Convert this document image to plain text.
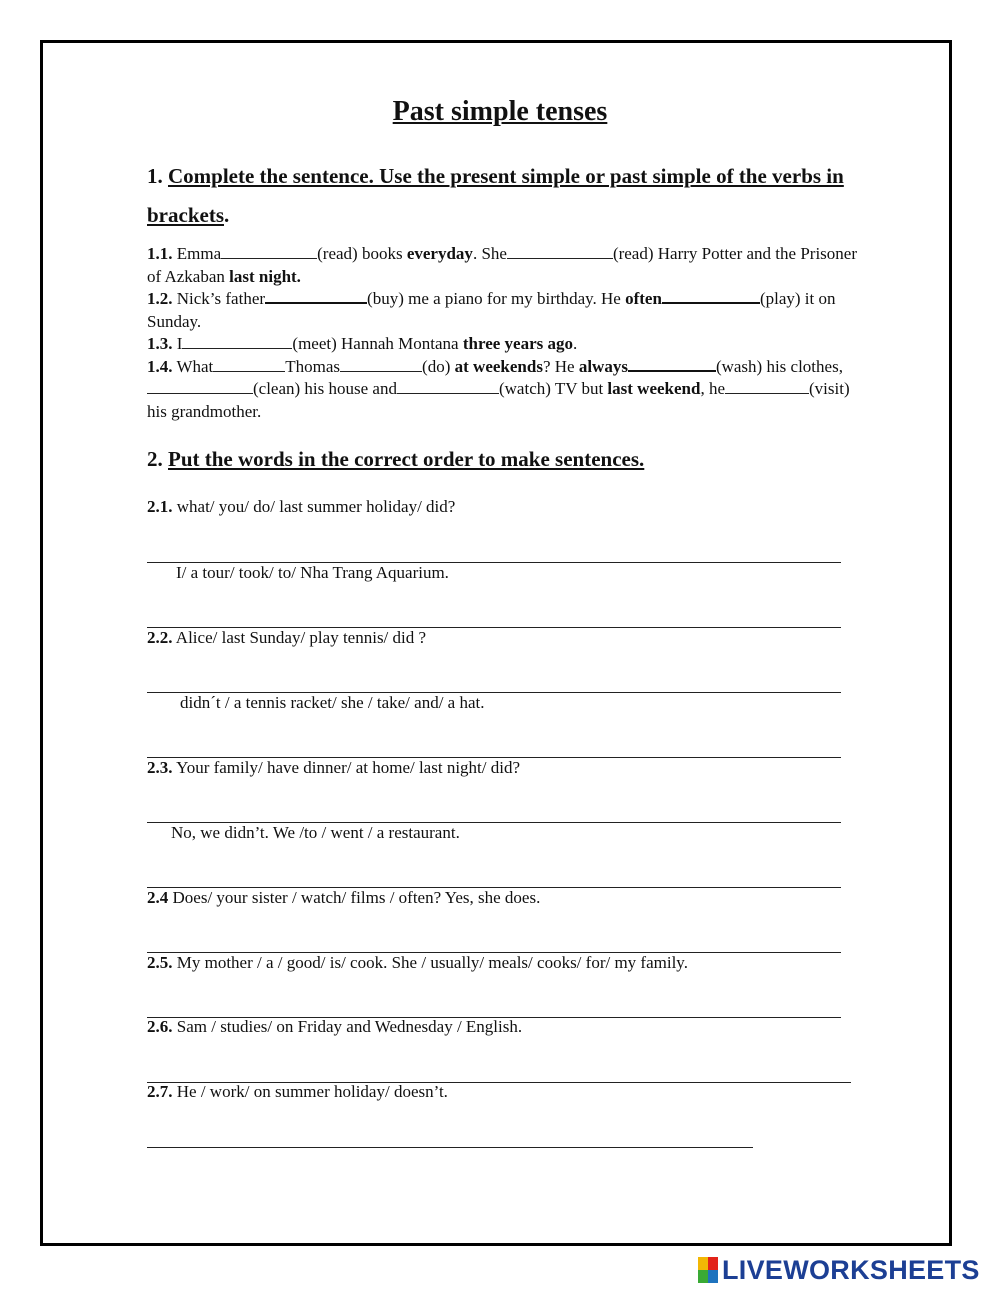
Past simple tenses
1. Complete the sentence. Use the present simple or past simple of the verbs in
brackets.
1.1. Emma	(read) books everyday. She	(read) Harry Potter and the Prisoner
of Azkaban last night.
1.2. Nick’s father	(buy) me a piano for my birthday. He often	(play) it on
Sunday.
1.3. I	(meet) Hannah Montana three years ago.
1.4. What	Thomas	(do) at weekends? He always	(wash) his clothes,
(clean) his house and	(watch) TV but last weekend, he	(visit)
his grandmother.
2. Put the words in the correct order to make sentences.
2.1. what/ you/ do/ last summer holiday/ did?
I/ a tour/ took/ to/ Nha Trang Aquarium.
2.2. Alice/ last Sunday/ play tennis/ did ?
didn´t / a tennis racket/ she / take/ and/ a hat.
2.3. Your family/ have dinner/ at home/ last night/ did?
No, we didn’t. We /to / went / a restaurant.
2.4 Does/ your sister / watch/ films / often? Yes, she does.
2.5. My mother / a / good/ is/ cook. She / usually/ meals/ cooks/ for/ my family.
2.6. Sam / studies/ on Friday and Wednesday / English.
2.7. He / work/ on summer holiday/ doesn’t.
LIVEWORKSHEETS
